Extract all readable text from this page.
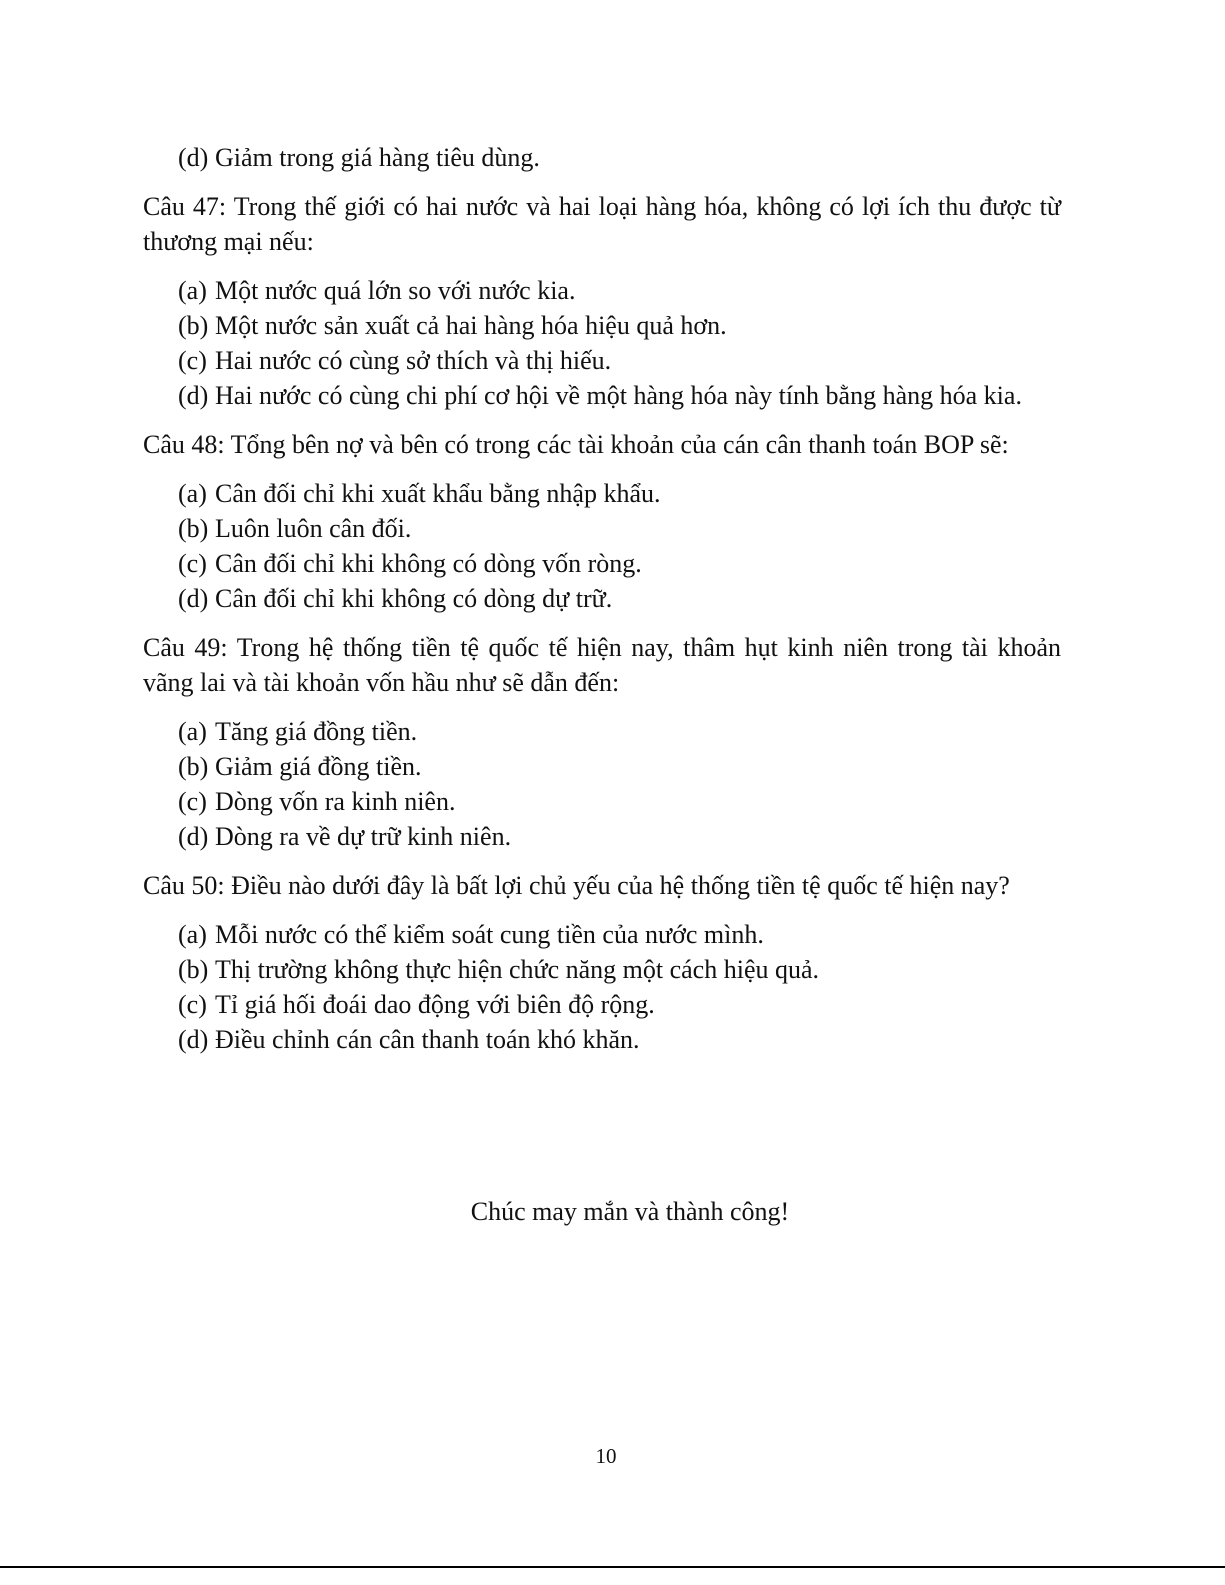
(d) Giảm trong giá hàng tiêu dùng.
Câu 47: Trong thế giới có hai nước và hai loại hàng hóa, không có lợi ích thu được từ thương mại nếu:
(a) Một nước quá lớn so với nước kia.
(b) Một nước sản xuất cả hai hàng hóa hiệu quả hơn.
(c) Hai nước có cùng sở thích và thị hiếu.
(d) Hai nước có cùng chi phí cơ hội về một hàng hóa này tính bằng hàng hóa kia.
Câu 48: Tổng bên nợ và bên có trong các tài khoản của cán cân thanh toán BOP sẽ:
(a) Cân đối chỉ khi xuất khẩu bằng nhập khẩu.
(b) Luôn luôn cân đối.
(c) Cân đối chỉ khi không có dòng vốn ròng.
(d) Cân đối chỉ khi không có dòng dự trữ.
Câu 49: Trong hệ thống tiền tệ quốc tế hiện nay, thâm hụt kinh niên trong tài khoản vãng lai và tài khoản vốn hầu như sẽ dẫn đến:
(a) Tăng giá đồng tiền.
(b) Giảm giá đồng tiền.
(c) Dòng vốn ra kinh niên.
(d) Dòng ra về dự trữ kinh niên.
Câu 50: Điều nào dưới đây là bất lợi chủ yếu của hệ thống tiền tệ quốc tế hiện nay?
(a) Mỗi nước có thể kiểm soát cung tiền của nước mình.
(b) Thị trường không thực hiện chức năng một cách hiệu quả.
(c) Tỉ giá hối đoái dao động với biên độ rộng.
(d) Điều chỉnh cán cân thanh toán khó khăn.
Chúc may mắn và thành công!
10
